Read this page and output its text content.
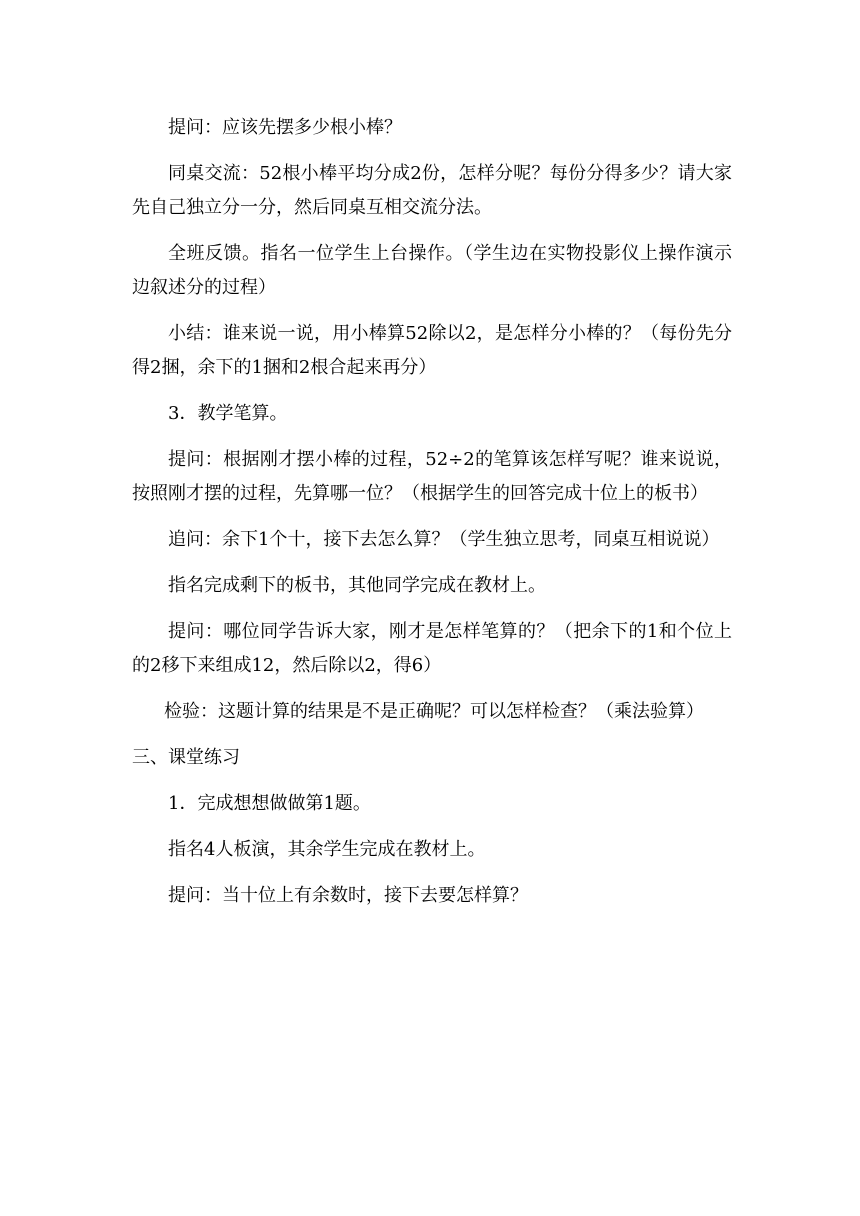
提问：应该先摆多少根小棒？

同桌交流：52根小棒平均分成2份，怎样分呢？每份分得多少？请大家先自己独立分一分，然后同桌互相交流分法。

全班反馈。指名一位学生上台操作。（学生边在实物投影仪上操作演示边叙述分的过程）

小结：谁来说一说，用小棒算52除以2，是怎样分小棒的？（每份先分得2捆，余下的1捆和2根合起来再分）

3．教学笔算。

提问：根据刚才摆小棒的过程，52÷2的笔算该怎样写呢？谁来说说，按照刚才摆的过程，先算哪一位？（根据学生的回答完成十位上的板书）

追问：余下1个十，接下去怎么算？（学生独立思考，同桌互相说说）

指名完成剩下的板书，其他同学完成在教材上。

提问：哪位同学告诉大家，刚才是怎样笔算的？（把余下的1和个位上的2移下来组成12，然后除以2，得6）

检验：这题计算的结果是不是正确呢？可以怎样检查？（乘法验算）

三、课堂练习

1．完成想想做做第1题。

指名4人板演，其余学生完成在教材上。

提问：当十位上有余数时，接下去要怎样算？
